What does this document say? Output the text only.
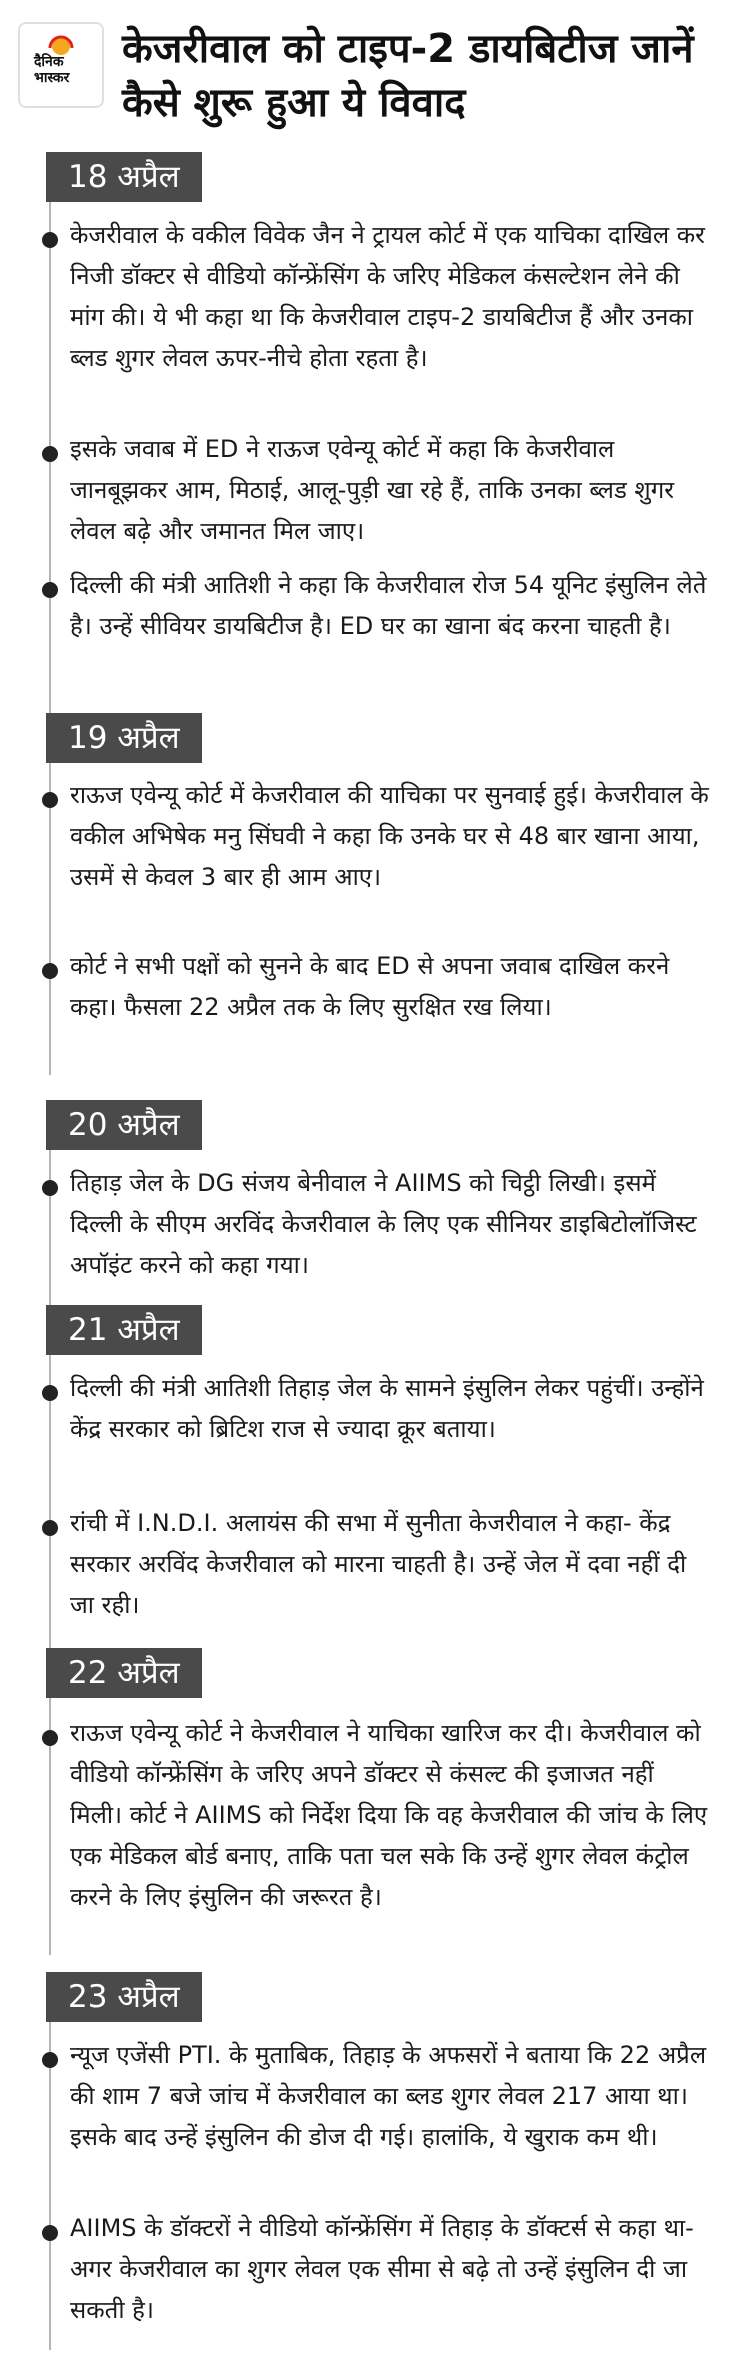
दैनिक भास्कर
केजरीवाल को टाइप-2 डायबिटीज जानें कैसे शुरू हुआ ये विवाद
18 अप्रैल
केजरीवाल के वकील विवेक जैन ने ट्रायल कोर्ट में एक याचिका दाखिल कर निजी डॉक्टर से वीडियो कॉन्फ्रेंसिंग के जरिए मेडिकल कंसल्टेशन लेने की मांग की। ये भी कहा था कि केजरीवाल टाइप-2 डायबिटीज हैं और उनका ब्लड शुगर लेवल ऊपर-नीचे होता रहता है।
इसके जवाब में ED ने राऊज एवेन्यू कोर्ट में कहा कि केजरीवाल जानबूझकर आम, मिठाई, आलू-पुड़ी खा रहे हैं, ताकि उनका ब्लड शुगर लेवल बढ़े और जमानत मिल जाए।
दिल्ली की मंत्री आतिशी ने कहा कि केजरीवाल रोज 54 यूनिट इंसुलिन लेते है। उन्हें सीवियर डायबिटीज है। ED घर का खाना बंद करना चाहती है।
19 अप्रैल
राऊज एवेन्यू कोर्ट में केजरीवाल की याचिका पर सुनवाई हुई। केजरीवाल के वकील अभिषेक मनु सिंघवी ने कहा कि उनके घर से 48 बार खाना आया, उसमें से केवल 3 बार ही आम आए।
कोर्ट ने सभी पक्षों को सुनने के बाद ED से अपना जवाब दाखिल करने कहा। फैसला 22 अप्रैल तक के लिए सुरक्षित रख लिया।
20 अप्रैल
तिहाड़ जेल के DG संजय बेनीवाल ने AIIMS को चिट्ठी लिखी। इसमें दिल्ली के सीएम अरविंद केजरीवाल के लिए एक सीनियर डाइबिटोलॉजिस्ट अपॉइंट करने को कहा गया।
21 अप्रैल
दिल्ली की मंत्री आतिशी तिहाड़ जेल के सामने इंसुलिन लेकर पहुंचीं। उन्होंने केंद्र सरकार को ब्रिटिश राज से ज्यादा क्रूर बताया।
रांची में I.N.D.I. अलायंस की सभा में सुनीता केजरीवाल ने कहा- केंद्र सरकार अरविंद केजरीवाल को मारना चाहती है। उन्हें जेल में दवा नहीं दी जा रही।
22 अप्रैल
राऊज एवेन्यू कोर्ट ने केजरीवाल ने याचिका खारिज कर दी। केजरीवाल को वीडियो कॉन्फ्रेंसिंग के जरिए अपने डॉक्टर से कंसल्ट की इजाजत नहीं मिली। कोर्ट ने AIIMS को निर्देश दिया कि वह केजरीवाल की जांच के लिए एक मेडिकल बोर्ड बनाए, ताकि पता चल सके कि उन्हें शुगर लेवल कंट्रोल करने के लिए इंसुलिन की जरूरत है।
23 अप्रैल
न्यूज एजेंसी PTI. के मुताबिक, तिहाड़ के अफसरों ने बताया कि 22 अप्रैल की शाम 7 बजे जांच में केजरीवाल का ब्लड शुगर लेवल 217 आया था। इसके बाद उन्हें इंसुलिन की डोज दी गई। हालांकि, ये खुराक कम थी।
AIIMS के डॉक्टरों ने वीडियो कॉन्फ्रेंसिंग में तिहाड़ के डॉक्टर्स से कहा था- अगर केजरीवाल का शुगर लेवल एक सीमा से बढ़े तो उन्हें इंसुलिन दी जा सकती है।
